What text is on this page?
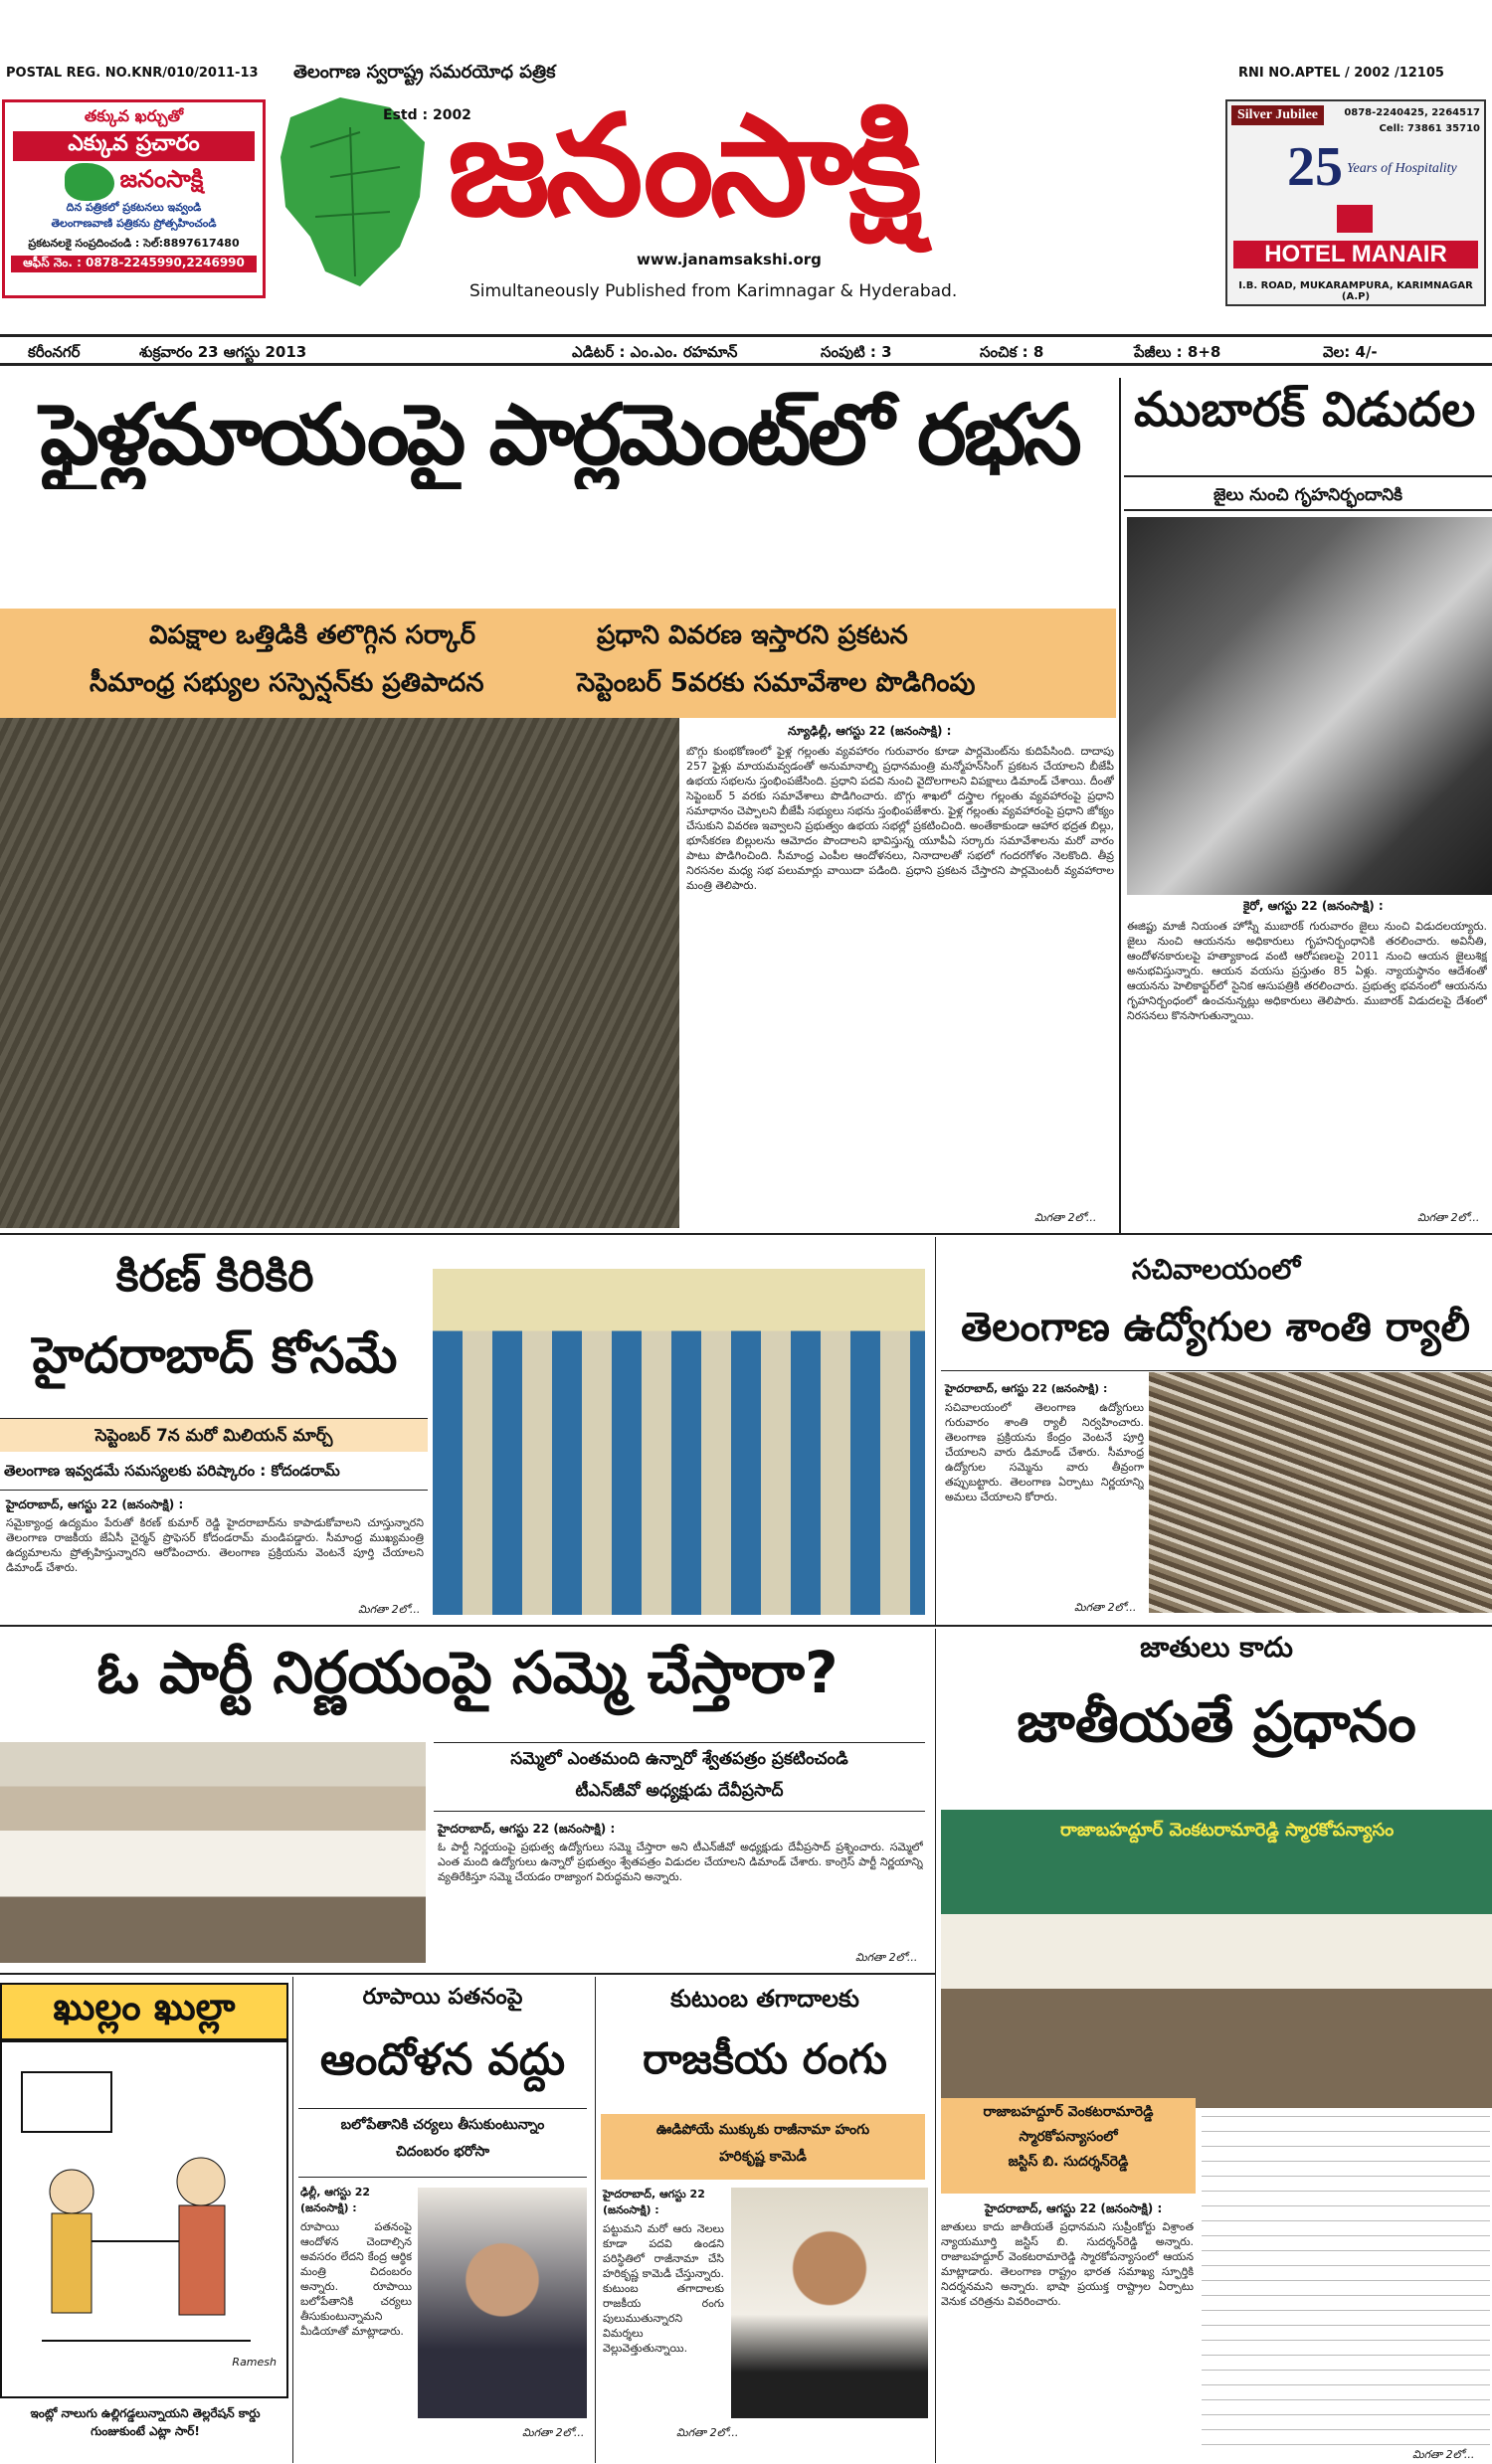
POSTAL REG. NO.KNR/010/2011-13 తెలంగాణ స్వరాష్ట్ర సమరయోధ పత్రిక	RNI NO.APTEL / 2002 /12105
తక్కువ ఖర్చుతో
ఎక్కువ ప్రచారం
జనంసాక్షి
దిన పత్రికలో ప్రకటనలు ఇవ్వండి
తెలంగాణవాణి పత్రికను ప్రోత్సహించండి
ప్రకటనలకై సంప్రదించండి : సెల్:8897617480
ఆఫీస్ నెం. : 0878-2245990,2246990
Estd : 2002
జనంసాక్షి
www.janamsakshi.org
Simultaneously Published from Karimnagar & Hyderabad.
Silver Jubilee	0878-2240425, 2264517
Cell: 73861 35710
25 Years of Hospitality
HOTEL MANAIR
I.B. ROAD, MUKARAMPURA, KARIMNAGAR (A.P)
కరీంనగర్	శుక్రవారం 23 ఆగస్టు 2013	ఎడిటర్ : ఎం.ఎం. రహమాన్	సంపుటి : 3	సంచిక : 8	పేజీలు : 8+8	వెల: 4/-
ఫైళ్లమాయంపై పార్లమెంట్‌లో రభస
విపక్షాల ఒత్తిడికి తలొగ్గిన సర్కార్	ప్రధాని వివరణ ఇస్తారని ప్రకటన
సీమాంధ్ర సభ్యుల సస్పెన్షన్‌కు ప్రతిపాదన	సెప్టెంబర్ 5వరకు సమావేశాల పొడిగింపు
న్యూఢిల్లీ, ఆగస్టు 22 (జనంసాక్షి) :
బొగ్గు కుంభకోణంలో ఫైళ్ల గల్లంతు వ్యవహారం గురువారం కూడా పార్లమెంట్‌ను కుదిపేసింది. దాదాపు 257 ఫైళ్లు మాయమవ్వడంతో అనుమానాల్ని ప్రధానమంత్రి మన్మోహన్‌సింగ్ ప్రకటన చేయాలని బీజేపీ ఉభయ సభలను స్తంభింపజేసింది. ప్రధాని పదవి నుంచి వైదొలగాలని విపక్షాలు డిమాండ్ చేశాయి. దీంతో సెప్టెంబర్ 5 వరకు సమావేశాలు పొడిగించారు. బొగ్గు శాఖలో దస్త్రాల గల్లంతు వ్యవహారంపై ప్రధాని సమాధానం చెప్పాలని బీజేపీ సభ్యులు సభను స్తంభింపజేశారు. ఫైళ్ల గల్లంతు వ్యవహారంపై ప్రధాని జోక్యం చేసుకుని వివరణ ఇవ్వాలని ప్రభుత్వం ఉభయ సభల్లో ప్రకటించింది. అంతేకాకుండా ఆహార భద్రత బిల్లు, భూసేకరణ బిల్లులను ఆమోదం పొందాలని భావిస్తున్న యూపీఏ సర్కారు సమావేశాలను మరో వారం పాటు పొడిగించింది. సీమాంధ్ర ఎంపీల ఆందోళనలు, నినాదాలతో సభలో గందరగోళం నెలకొంది. తీవ్ర నిరసనల మధ్య సభ పలుమార్లు వాయిదా పడింది. ప్రధాని ప్రకటన చేస్తారని పార్లమెంటరీ వ్యవహారాల మంత్రి తెలిపారు.
మిగతా 2లో...
ముబారక్ విడుదల
జైలు నుంచి గృహనిర్భందానికి
కైరో, ఆగస్టు 22 (జనంసాక్షి) :
ఈజిప్టు మాజీ నియంత హోస్నీ ముబారక్ గురువారం జైలు నుంచి విడుదలయ్యారు. జైలు నుంచి ఆయనను అధికారులు గృహనిర్బంధానికి తరలించారు. అవినీతి, ఆందోళనకారులపై హత్యాకాండ వంటి ఆరోపణలపై 2011 నుంచి ఆయన జైలుశిక్ష అనుభవిస్తున్నారు. ఆయన వయసు ప్రస్తుతం 85 ఏళ్లు. న్యాయస్థానం ఆదేశంతో ఆయనను హెలికాప్టర్‌లో సైనిక ఆసుపత్రికి తరలించారు. ప్రభుత్వ భవనంలో ఆయనను గృహనిర్బంధంలో ఉంచనున్నట్లు అధికారులు తెలిపారు. ముబారక్ విడుదలపై దేశంలో నిరసనలు కొనసాగుతున్నాయి.
మిగతా 2లో...
కిరణ్ కిరికిరి
హైదరాబాద్ కోసమే
సెప్టెంబర్ 7న మరో మిలియన్ మార్చ్
తెలంగాణ ఇవ్వడమే సమస్యలకు పరిష్కారం : కోదండరామ్
హైదరాబాద్, ఆగస్టు 22 (జనంసాక్షి) :
సమైక్యాంధ్ర ఉద్యమం పేరుతో కిరణ్ కుమార్ రెడ్డి హైదరాబాద్‌ను కాపాడుకోవాలని చూస్తున్నారని తెలంగాణ రాజకీయ జేఏసీ చైర్మన్ ప్రొఫెసర్ కోదండరామ్ మండిపడ్డారు. సీమాంధ్ర ముఖ్యమంత్రి ఉద్యమాలను ప్రోత్సహిస్తున్నారని ఆరోపించారు. తెలంగాణ ప్రక్రియను వెంటనే పూర్తి చేయాలని డిమాండ్ చేశారు.
మిగతా 2లో...
సచివాలయంలో
తెలంగాణ ఉద్యోగుల శాంతి ర్యాలీ
హైదరాబాద్, ఆగస్టు 22 (జనంసాక్షి) :
సచివాలయంలో తెలంగాణ ఉద్యోగులు గురువారం శాంతి ర్యాలీ నిర్వహించారు. తెలంగాణ ప్రక్రియను కేంద్రం వెంటనే పూర్తి చేయాలని వారు డిమాండ్ చేశారు. సీమాంధ్ర ఉద్యోగుల సమ్మెను వారు తీవ్రంగా తప్పుబట్టారు. తెలంగాణ ఏర్పాటు నిర్ణయాన్ని అమలు చేయాలని కోరారు.
మిగతా 2లో...
ఓ పార్టీ నిర్ణయంపై సమ్మె చేస్తారా?
సమ్మెలో ఎంతమంది ఉన్నారో శ్వేతపత్రం ప్రకటించండి
టీఎన్‌జీవో అధ్యక్షుడు దేవీప్రసాద్
హైదరాబాద్, ఆగస్టు 22 (జనంసాక్షి) :
ఓ పార్టీ నిర్ణయంపై ప్రభుత్వ ఉద్యోగులు సమ్మె చేస్తారా అని టీఎన్‌జీవో అధ్యక్షుడు దేవీప్రసాద్ ప్రశ్నించారు. సమ్మెలో ఎంత మంది ఉద్యోగులు ఉన్నారో ప్రభుత్వం శ్వేతపత్రం విడుదల చేయాలని డిమాండ్ చేశారు. కాంగ్రెస్ పార్టీ నిర్ణయాన్ని వ్యతిరేకిస్తూ సమ్మె చేయడం రాజ్యాంగ విరుద్ధమని అన్నారు.
మిగతా 2లో...
జాతులు కాదు
జాతీయతే ప్రధానం
రాజాబహద్దూర్ వెంకటరామారెడ్డి స్మారకోపన్యాసం
రాజాబహద్దూర్ వెంకటరామారెడ్డి
స్మారకోపన్యాసంలో
జస్టిస్ బి. సుదర్శన్‌రెడ్డి
హైదరాబాద్, ఆగస్టు 22 (జనంసాక్షి) :
జాతులు కాదు జాతీయతే ప్రధానమని సుప్రీంకోర్టు విశ్రాంత న్యాయమూర్తి జస్టిస్ బి. సుదర్శన్‌రెడ్డి అన్నారు. రాజాబహద్దూర్ వెంకటరామారెడ్డి స్మారకోపన్యాసంలో ఆయన మాట్లాడారు. తెలంగాణ రాష్ట్రం భారత సమాఖ్య స్ఫూర్తికి నిదర్శనమని అన్నారు. భాషా ప్రయుక్త రాష్ట్రాల ఏర్పాటు వెనుక చరిత్రను వివరించారు.
మిగతా 2లో...
ఖుల్లం ఖుల్లా
Ramesh
ఇంట్లో నాలుగు ఉల్లిగడ్డలున్నాయని తెల్లరేషన్ కార్డు గుంజుకుంటే ఎట్లా సార్!
రూపాయి పతనంపై
ఆందోళన వద్దు
బలోపేతానికి చర్యలు తీసుకుంటున్నాం
చిదంబరం భరోసా
ఢిల్లీ, ఆగస్టు 22 (జనంసాక్షి) :
రూపాయి పతనంపై ఆందోళన చెందాల్సిన అవసరం లేదని కేంద్ర ఆర్థిక మంత్రి చిదంబరం అన్నారు. రూపాయి బలోపేతానికి చర్యలు తీసుకుంటున్నామని మీడియాతో మాట్లాడారు.
మిగతా 2లో...
కుటుంబ తగాదాలకు
రాజకీయ రంగు
ఊడిపోయే ముక్కుకు రాజీనామా హంగు
హరికృష్ణ కామెడీ
హైదరాబాద్, ఆగస్టు 22 (జనంసాక్షి) :
పట్టుమని మరో ఆరు నెలలు కూడా పదవి ఉండని పరిస్థితిలో రాజీనామా చేసి హరికృష్ణ కామెడీ చేస్తున్నారు. కుటుంబ తగాదాలకు రాజకీయ రంగు పులుముతున్నారని విమర్శలు వెల్లువెత్తుతున్నాయి.
మిగతా 2లో...
